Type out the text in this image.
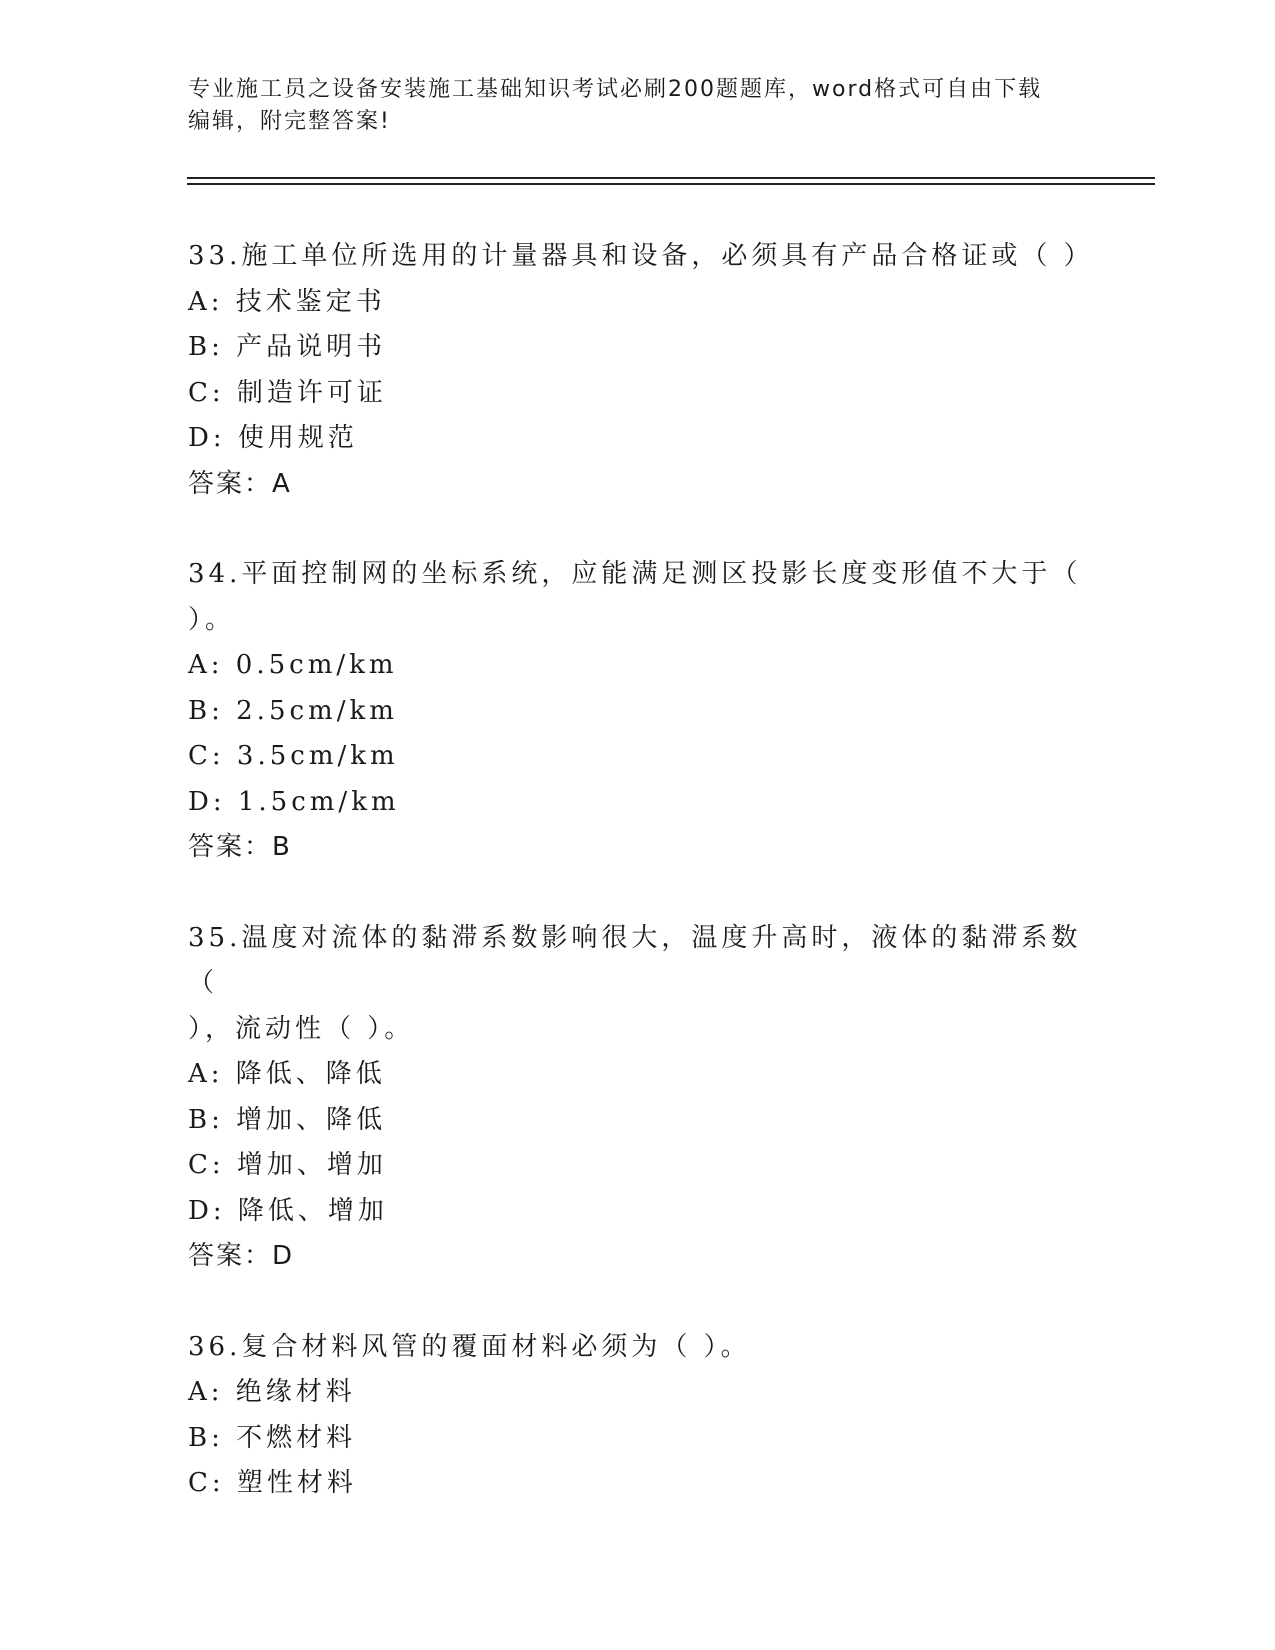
专业施工员之设备安装施工基础知识考试必刷200题题库，word格式可自由下载
编辑，附完整答案!
33.施工单位所选用的计量器具和设备，必须具有产品合格证或（ ）
A: 技术鉴定书
B: 产品说明书
C: 制造许可证
D: 使用规范
答案：A
34.平面控制网的坐标系统，应能满足测区投影长度变形值不大于（
）。
A: 0.5cm/km
B: 2.5cm/km
C: 3.5cm/km
D: 1.5cm/km
答案：B
35.温度对流体的黏滞系数影响很大，温度升高时，液体的黏滞系数（
），流动性（ ）。
A: 降低、降低
B: 增加、降低
C: 增加、增加
D: 降低、增加
答案：D
36.复合材料风管的覆面材料必须为（ ）。
A: 绝缘材料
B: 不燃材料
C: 塑性材料
